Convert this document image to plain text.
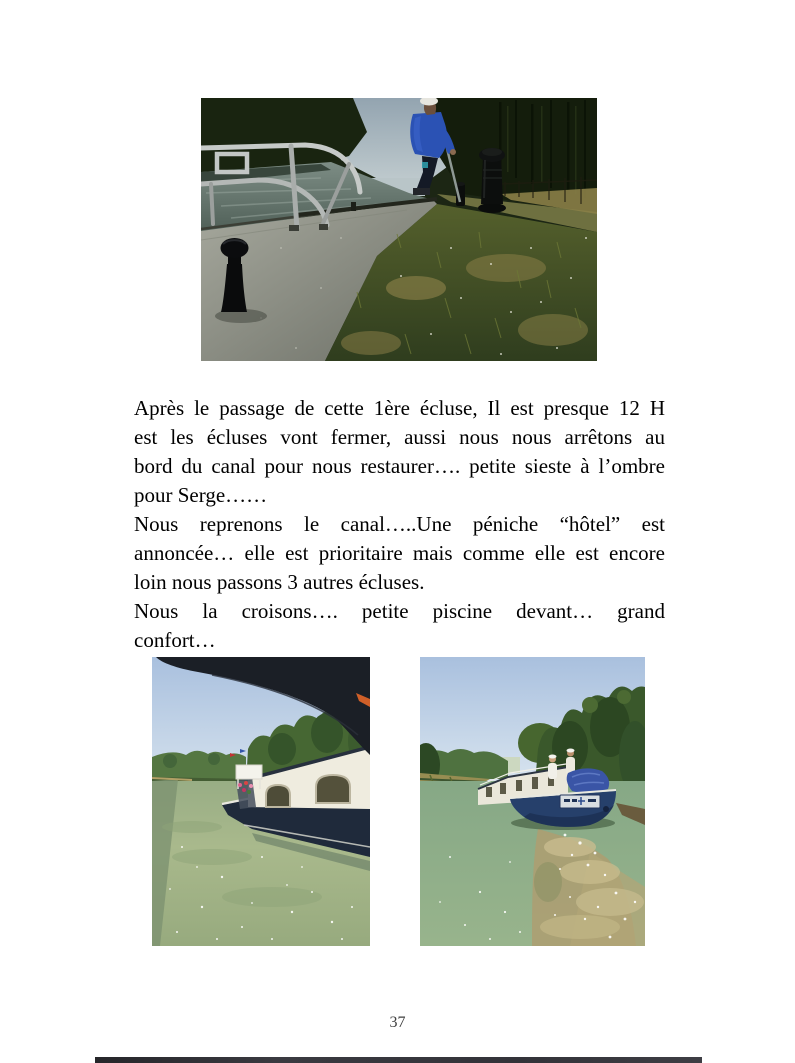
Après le passage de cette 1ère écluse, Il est presque 12 H
est les écluses vont fermer, aussi nous nous arrêtons au
bord du canal pour nous restaurer…. petite sieste à l’ombre
pour Serge……
Nous reprenons le canal…..Une péniche “hôtel” est
annoncée… elle est prioritaire mais comme elle est encore
loin nous passons 3 autres écluses.
Nous la croisons…. petite piscine devant… grand
confort…
37
